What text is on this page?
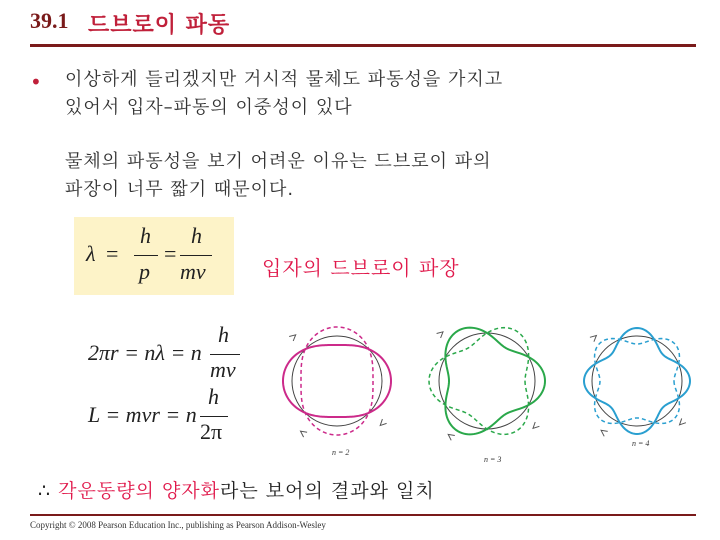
39.1 드브로이 파동
• 이상하게 들리겠지만 거시적 물체도 파동성을 가지고
있어서 입자–파동의 이중성이 있다
물체의 파동성을 보기 어려운 이유는 드브로이 파의
파장이 너무 짧기 때문이다.
λ =
h
p
=
h
mv	입자의 드브로이 파장
2πr = nλ = n
h
mv
L = mvr = n
h
2π
n = 2
n = 3
n = 4
∴ 각운동량의 양자화라는 보어의 결과와 일치
Copyright © 2008 Pearson Education Inc., publishing as Pearson Addison-Wesley
